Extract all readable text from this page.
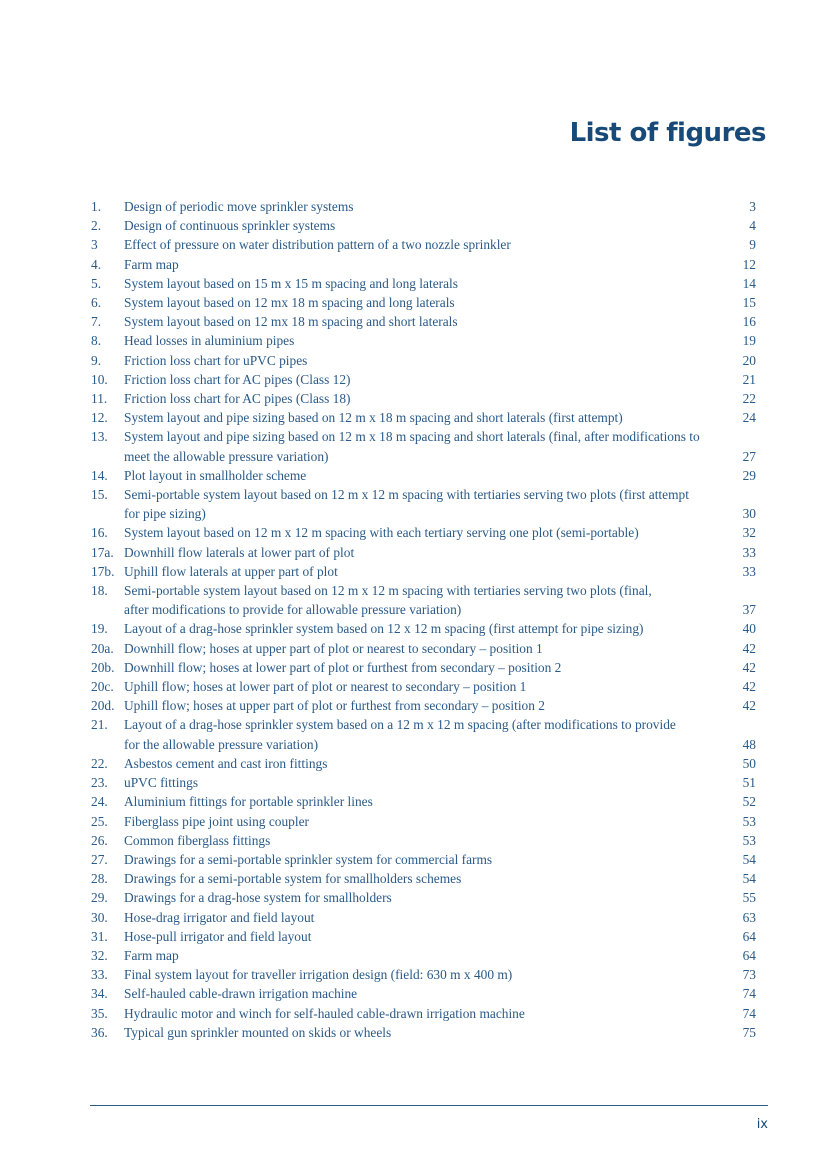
List of figures
1.	Design of periodic move sprinkler systems	3
2.	Design of continuous sprinkler systems	4
3	Effect of pressure on water distribution pattern of a two nozzle sprinkler	9
4.	Farm map	12
5.	System layout based on 15 m x 15 m spacing and long laterals	14
6.	System layout based on 12 mx 18 m spacing and long laterals	15
7.	System layout based on 12 mx 18 m spacing and short laterals	16
8.	Head losses in aluminium pipes	19
9.	Friction loss chart for uPVC pipes	20
10.	Friction loss chart for AC pipes (Class 12)	21
11.	Friction loss chart for AC pipes (Class 18)	22
12.	System layout and pipe sizing based on 12 m x 18 m spacing and short laterals (first attempt)	24
13.	System layout and pipe sizing based on 12 m x 18 m spacing and short laterals (final, after modifications to
meet the allowable pressure variation)	27
14.	Plot layout in smallholder scheme	29
15.	Semi-portable system layout based on 12 m x 12 m spacing with tertiaries serving two plots (first attempt
for pipe sizing)	30
16.	System layout based on 12 m x 12 m spacing with each tertiary serving one plot (semi-portable)	32
17a. Downhill flow laterals at lower part of plot	33
17b. Uphill flow laterals at upper part of plot	33
18.	Semi-portable system layout based on 12 m x 12 m spacing with tertiaries serving two plots (final,
after modifications to provide for allowable pressure variation)	37
19.	Layout of a drag-hose sprinkler system based on 12 x 12 m spacing (first attempt for pipe sizing)	40
20a. Downhill flow; hoses at upper part of plot or nearest to secondary – position 1	42
20b. Downhill flow; hoses at lower part of plot or furthest from secondary – position 2	42
20c. Uphill flow; hoses at lower part of plot or nearest to secondary – position 1	42
20d. Uphill flow; hoses at upper part of plot or furthest from secondary – position 2	42
21.	Layout of a drag-hose sprinkler system based on a 12 m x 12 m spacing (after modifications to provide
for the allowable pressure variation)	48
22.	Asbestos cement and cast iron fittings	50
23.	uPVC fittings	51
24.	Aluminium fittings for portable sprinkler lines	52
25.	Fiberglass pipe joint using coupler	53
26.	Common fiberglass fittings	53
27.	Drawings for a semi-portable sprinkler system for commercial farms	54
28.	Drawings for a semi-portable system for smallholders schemes	54
29.	Drawings for a drag-hose system for smallholders	55
30.	Hose-drag irrigator and field layout	63
31.	Hose-pull irrigator and field layout	64
32.	Farm map	64
33.	Final system layout for traveller irrigation design (field: 630 m x 400 m)	73
34.	Self-hauled cable-drawn irrigation machine	74
35.	Hydraulic motor and winch for self-hauled cable-drawn irrigation machine	74
36.	Typical gun sprinkler mounted on skids or wheels	75
ix
